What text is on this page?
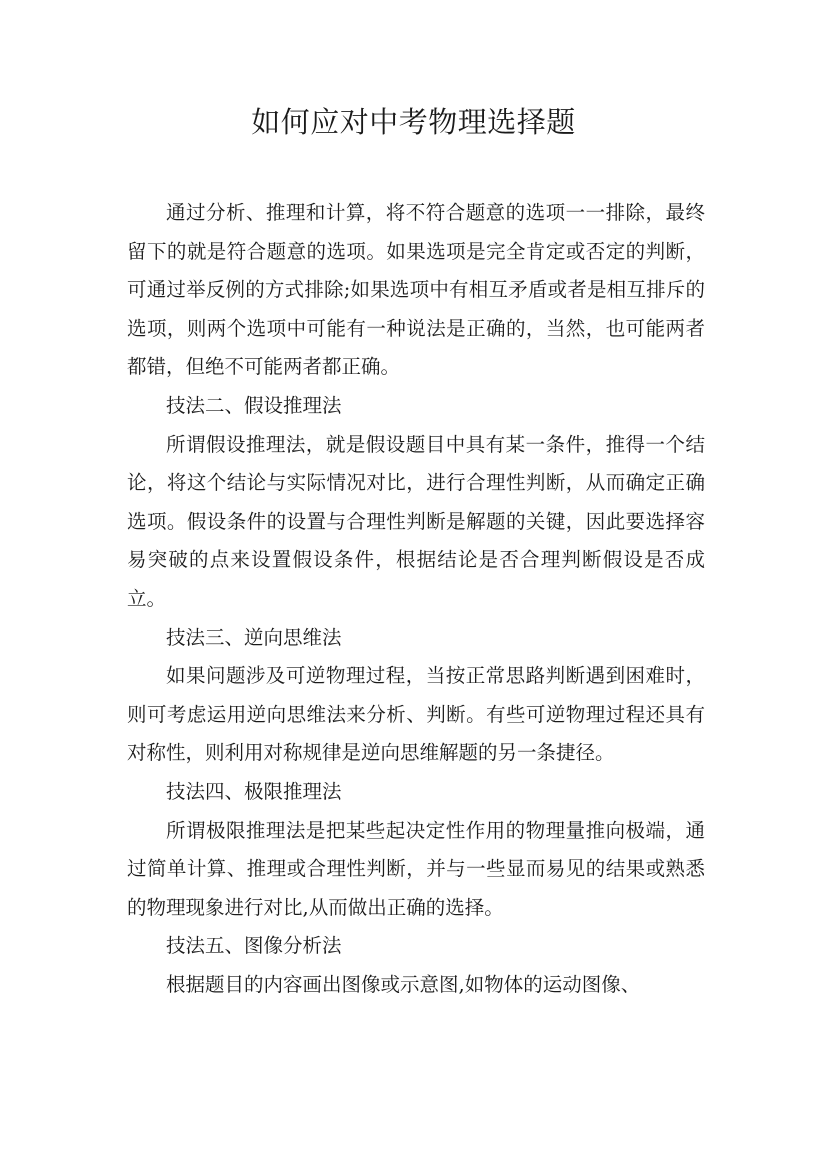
如何应对中考物理选择题

通过分析、推理和计算，将不符合题意的选项一一排除，最终留下的就是符合题意的选项。如果选项是完全肯定或否定的判断，可通过举反例的方式排除;如果选项中有相互矛盾或者是相互排斥的选项，则两个选项中可能有一种说法是正确的，当然，也可能两者都错，但绝不可能两者都正确。

技法二、假设推理法

所谓假设推理法，就是假设题目中具有某一条件，推得一个结论，将这个结论与实际情况对比，进行合理性判断，从而确定正确选项。假设条件的设置与合理性判断是解题的关键，因此要选择容易突破的点来设置假设条件，根据结论是否合理判断假设是否成立。

技法三、逆向思维法

如果问题涉及可逆物理过程，当按正常思路判断遇到困难时，则可考虑运用逆向思维法来分析、判断。有些可逆物理过程还具有对称性，则利用对称规律是逆向思维解题的另一条捷径。

技法四、极限推理法

所谓极限推理法是把某些起决定性作用的物理量推向极端，通过简单计算、推理或合理性判断，并与一些显而易见的结果或熟悉的物理现象进行对比,从而做出正确的选择。

技法五、图像分析法

根据题目的内容画出图像或示意图,如物体的运动图像、
